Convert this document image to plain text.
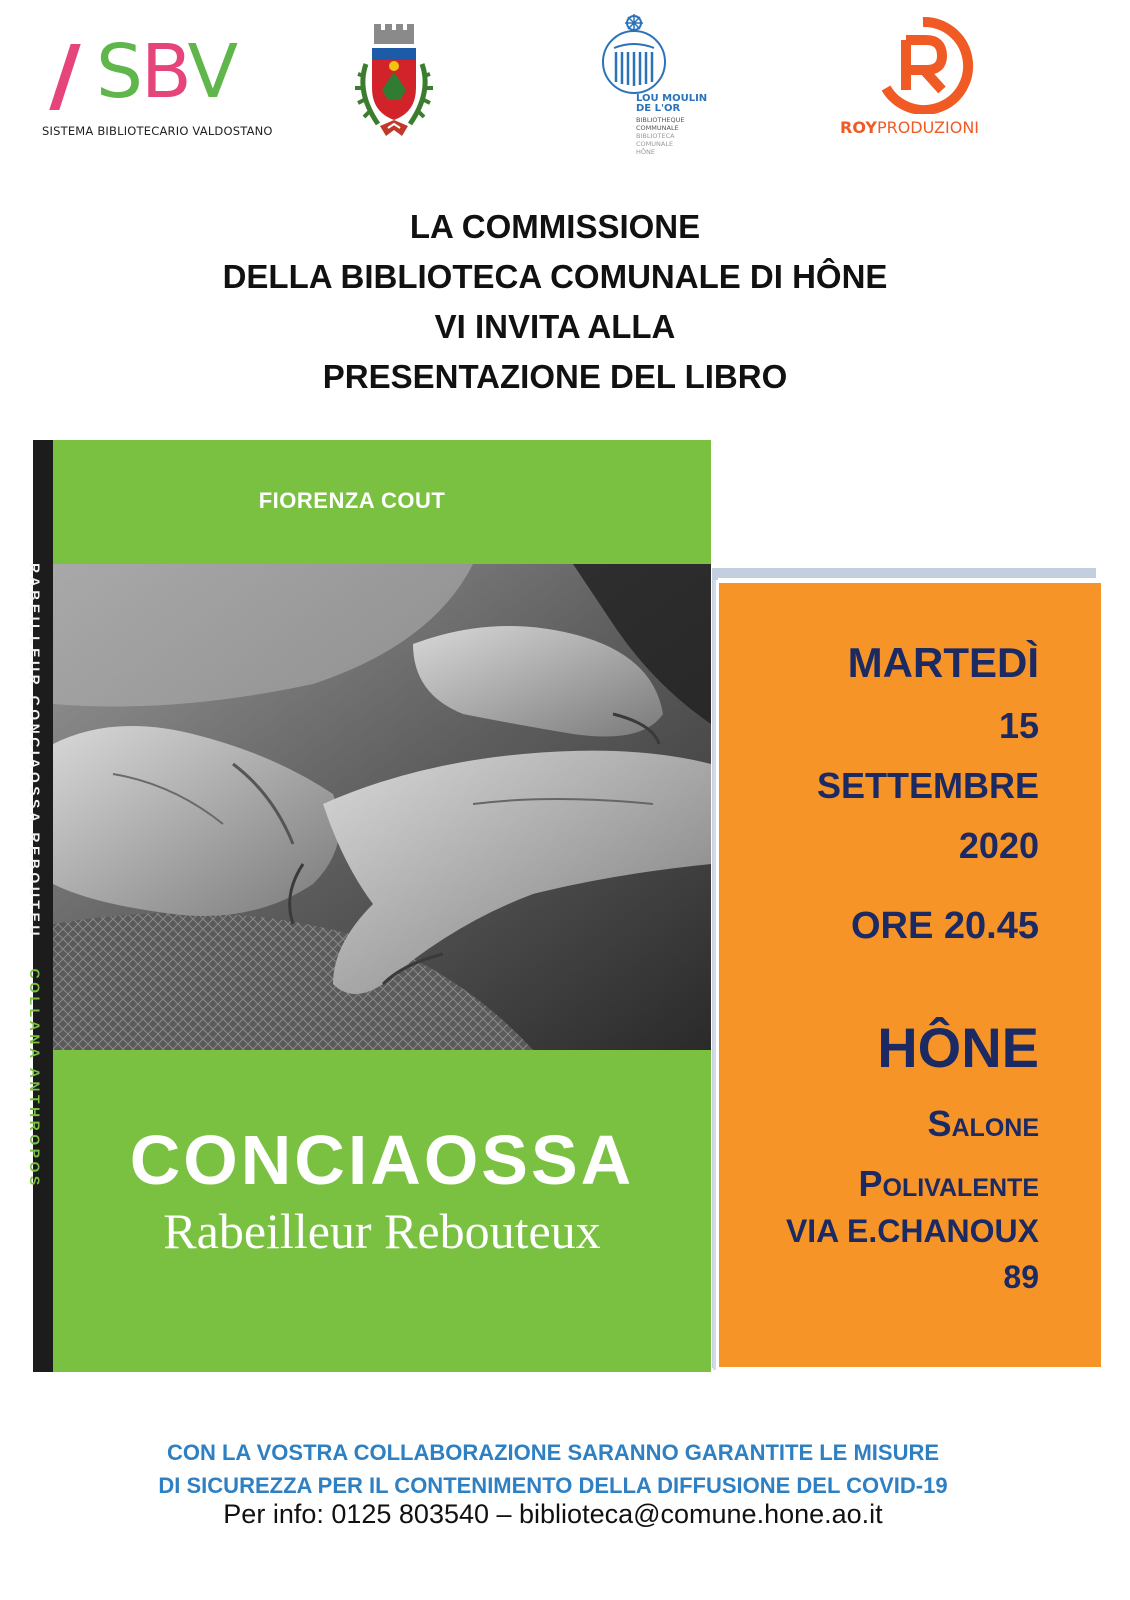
SBV
SISTEMA BIBLIOTECARIO VALDOSTANO
LOU MOULIN
DE L'OR
BIBLIOTHEQUE
COMMUNALE
BIBLIOTECA
COMUNALE
HÔNE
ROYPRODUZIONI
LA COMMISSIONE
DELLA BIBLIOTECA COMUNALE DI HÔNE
VI INVITA ALLA
PRESENTAZIONE DEL LIBRO
RABEILLEUR CONCIAOSSA REBOUTEU    COLLANA ANTHROPOS
FIORENZA COUT
CONCIAOSSA
Rabeilleur Rebouteux
MARTEDÌ
15
SETTEMBRE
2020
ORE 20.45
HÔNE
Salone
Polivalente
VIA E.CHANOUX
89
CON LA VOSTRA COLLABORAZIONE SARANNO GARANTITE LE MISURE
DI SICUREZZA PER IL CONTENIMENTO DELLA DIFFUSIONE DEL COVID-19
Per info: 0125 803540 – biblioteca@comune.hone.ao.it
